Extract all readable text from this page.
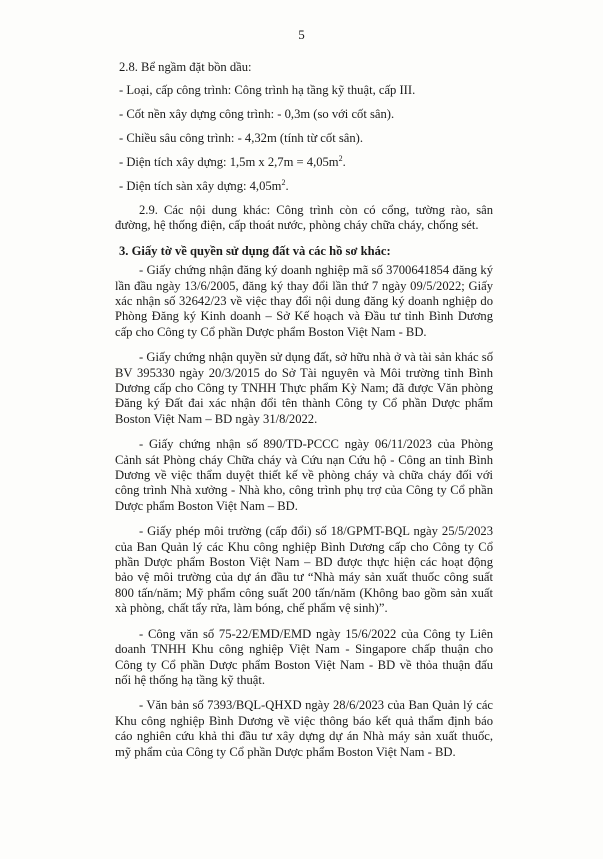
5

2.8. Bể ngầm đặt bồn dầu:

- Loại, cấp công trình: Công trình hạ tầng kỹ thuật, cấp III.

- Cốt nền xây dựng công trình: - 0,3m (so với cốt sân).

- Chiều sâu công trình: - 4,32m (tính từ cốt sân).

- Diện tích xây dựng: 1,5m x $2,7m = 4,05m^2$.

- Diện tích sàn xây dựng: $4,05m^2$.

2.9. Các nội dung khác: Công trình còn có cổng, tường rào, sân đường, hệ thống điện, cấp thoát nước, phòng cháy chữa cháy, chống sét.

3. Giấy tờ về quyền sử dụng đất và các hồ sơ khác:

- Giấy chứng nhận đăng ký doanh nghiệp mã số 3700641854 đăng ký lần đầu ngày 13/6/2005, đăng ký thay đổi lần thứ 7 ngày 09/5/2022; Giấy xác nhận số 32642/23 về việc thay đổi nội dung đăng ký doanh nghiệp do Phòng Đăng ký Kinh doanh – Sở Kế hoạch và Đầu tư tỉnh Bình Dương cấp cho Công ty Cổ phần Dược phẩm Boston Việt Nam - BD.

- Giấy chứng nhận quyền sử dụng đất, sở hữu nhà ở và tài sản khác số BV 395330 ngày 20/3/2015 do Sở Tài nguyên và Môi trường tỉnh Bình Dương cấp cho Công ty TNHH Thực phẩm Kỳ Nam; đã được Văn phòng Đăng ký Đất đai xác nhận đổi tên thành Công ty Cổ phần Dược phẩm Boston Việt Nam – BD ngày 31/8/2022.

- Giấy chứng nhận số 890/TD-PCCC ngày 06/11/2023 của Phòng Cảnh sát Phòng cháy Chữa cháy và Cứu nạn Cứu hộ - Công an tỉnh Bình Dương về việc thẩm duyệt thiết kế về phòng cháy và chữa cháy đối với công trình Nhà xưởng - Nhà kho, công trình phụ trợ của Công ty Cổ phần Dược phẩm Boston Việt Nam – BD.

- Giấy phép môi trường (cấp đổi) số 18/GPMT-BQL ngày 25/5/2023 của Ban Quản lý các Khu công nghiệp Bình Dương cấp cho Công ty Cổ phần Dược phẩm Boston Việt Nam – BD được thực hiện các hoạt động bảo vệ môi trường của dự án đầu tư “Nhà máy sản xuất thuốc công suất 800 tấn/năm; Mỹ phẩm công suất 200 tấn/năm (Không bao gồm sản xuất xà phòng, chất tẩy rửa, làm bóng, chế phẩm vệ sinh)”.

- Công văn số 75-22/EMD/EMD ngày 15/6/2022 của Công ty Liên doanh TNHH Khu công nghiệp Việt Nam - Singapore chấp thuận cho Công ty Cổ phần Dược phẩm Boston Việt Nam - BD về thỏa thuận đấu nối hệ thống hạ tầng kỹ thuật.

- Văn bản số 7393/BQL-QHXD ngày 28/6/2023 của Ban Quản lý các Khu công nghiệp Bình Dương về việc thông báo kết quả thẩm định báo cáo nghiên cứu khả thi đầu tư xây dựng dự án Nhà máy sản xuất thuốc, mỹ phẩm của Công ty Cổ phần Dược phẩm Boston Việt Nam - BD.
